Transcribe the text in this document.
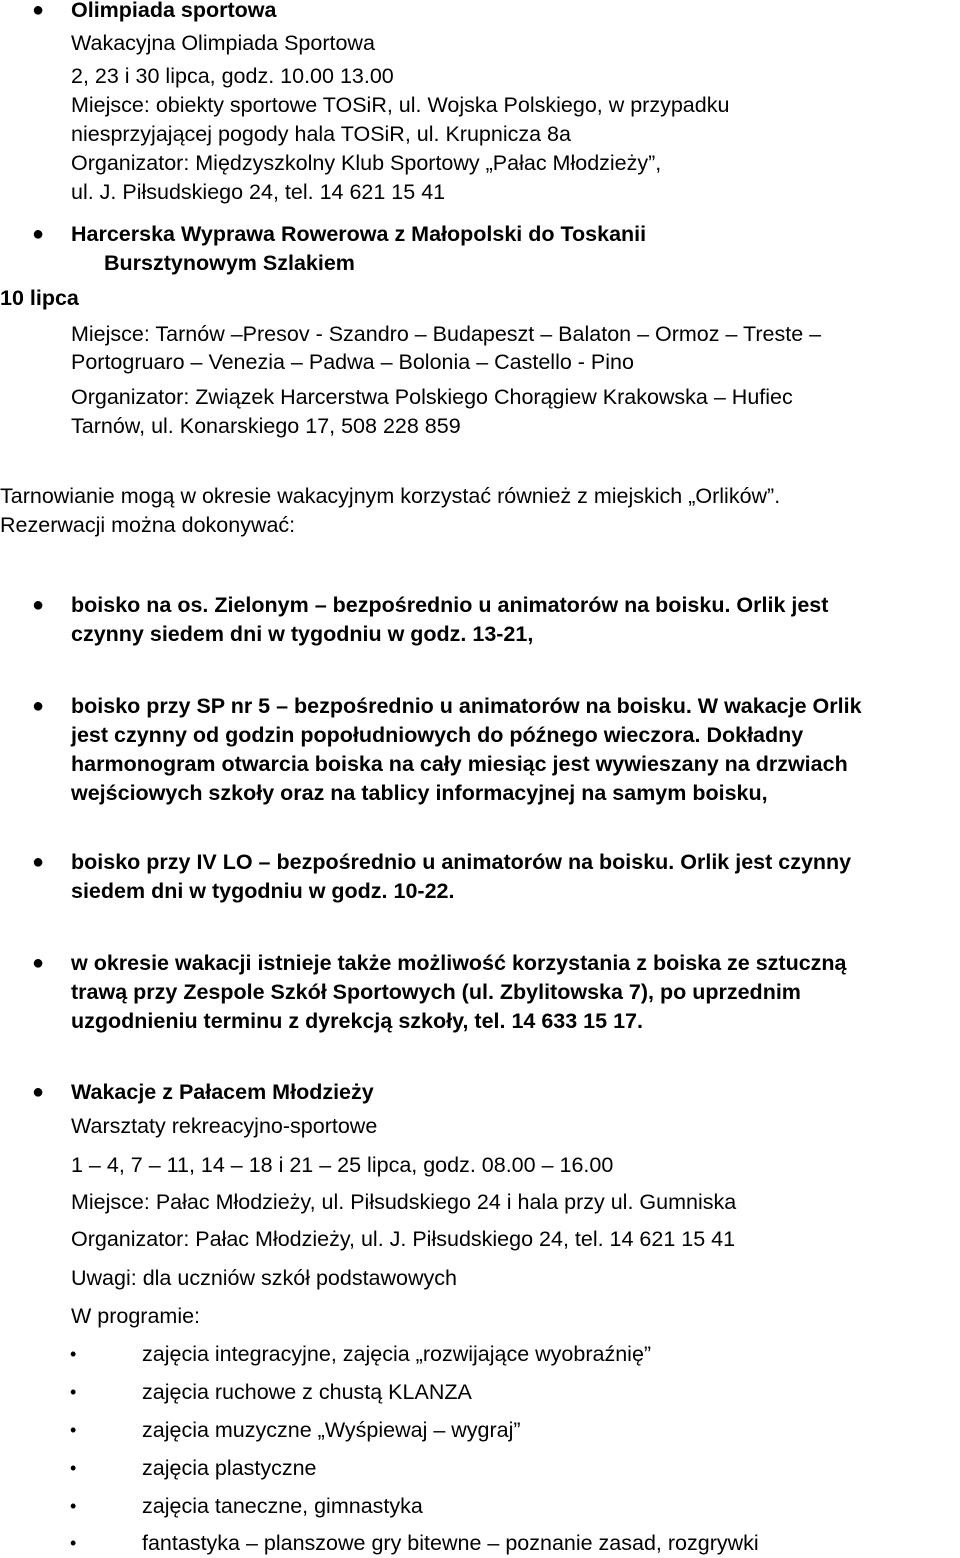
● Olimpiada sportowa
Wakacyjna Olimpiada Sportowa
2, 23 i 30 lipca, godz. 10.00 13.00
Miejsce: obiekty sportowe TOSiR, ul. Wojska Polskiego, w przypadku
niesprzyjającej pogody hala TOSiR, ul. Krupnicza 8a
Organizator: Międzyszkolny Klub Sportowy „Pałac Młodzieży”,
ul. J. Piłsudskiego 24, tel. 14 621 15 41
● Harcerska Wyprawa Rowerowa z Małopolski do Toskanii
Bursztynowym Szlakiem
10 lipca
Miejsce: Tarnów –Presov - Szandro – Budapeszt – Balaton – Ormoz – Treste –
Portogruaro – Venezia – Padwa – Bolonia – Castello - Pino
Organizator: Związek Harcerstwa Polskiego Chorągiew Krakowska – Hufiec
Tarnów, ul. Konarskiego 17, 508 228 859
Tarnowianie mogą w okresie wakacyjnym korzystać również z miejskich „Orlików”.
Rezerwacji można dokonywać:
● boisko na os. Zielonym – bezpośrednio u animatorów na boisku. Orlik jest
czynny siedem dni w tygodniu w godz. 13-21,
● boisko przy SP nr 5 – bezpośrednio u animatorów na boisku. W wakacje Orlik
jest czynny od godzin popołudniowych do późnego wieczora. Dokładny
harmonogram otwarcia boiska na cały miesiąc jest wywieszany na drzwiach
wejściowych szkoły oraz na tablicy informacyjnej na samym boisku,
● boisko przy IV LO – bezpośrednio u animatorów na boisku. Orlik jest czynny
siedem dni w tygodniu w godz. 10-22.
● w okresie wakacji istnieje także możliwość korzystania z boiska ze sztuczną
trawą przy Zespole Szkół Sportowych (ul. Zbylitowska 7), po uprzednim
uzgodnieniu terminu z dyrekcją szkoły, tel. 14 633 15 17.
● Wakacje z Pałacem Młodzieży
Warsztaty rekreacyjno-sportowe
1 – 4, 7 – 11, 14 – 18 i 21 – 25 lipca, godz. 08.00 – 16.00
Miejsce: Pałac Młodzieży, ul. Piłsudskiego 24 i hala przy ul. Gumniska
Organizator: Pałac Młodzieży, ul. J. Piłsudskiego 24, tel. 14 621 15 41
Uwagi: dla uczniów szkół podstawowych
W programie:
•	zajęcia integracyjne, zajęcia „rozwijające wyobraźnię”
•	zajęcia ruchowe z chustą KLANZA
•	zajęcia muzyczne „Wyśpiewaj – wygraj”
•	zajęcia plastyczne
•	zajęcia taneczne, gimnastyka
•	fantastyka – planszowe gry bitewne – poznanie zasad, rozgrywki
